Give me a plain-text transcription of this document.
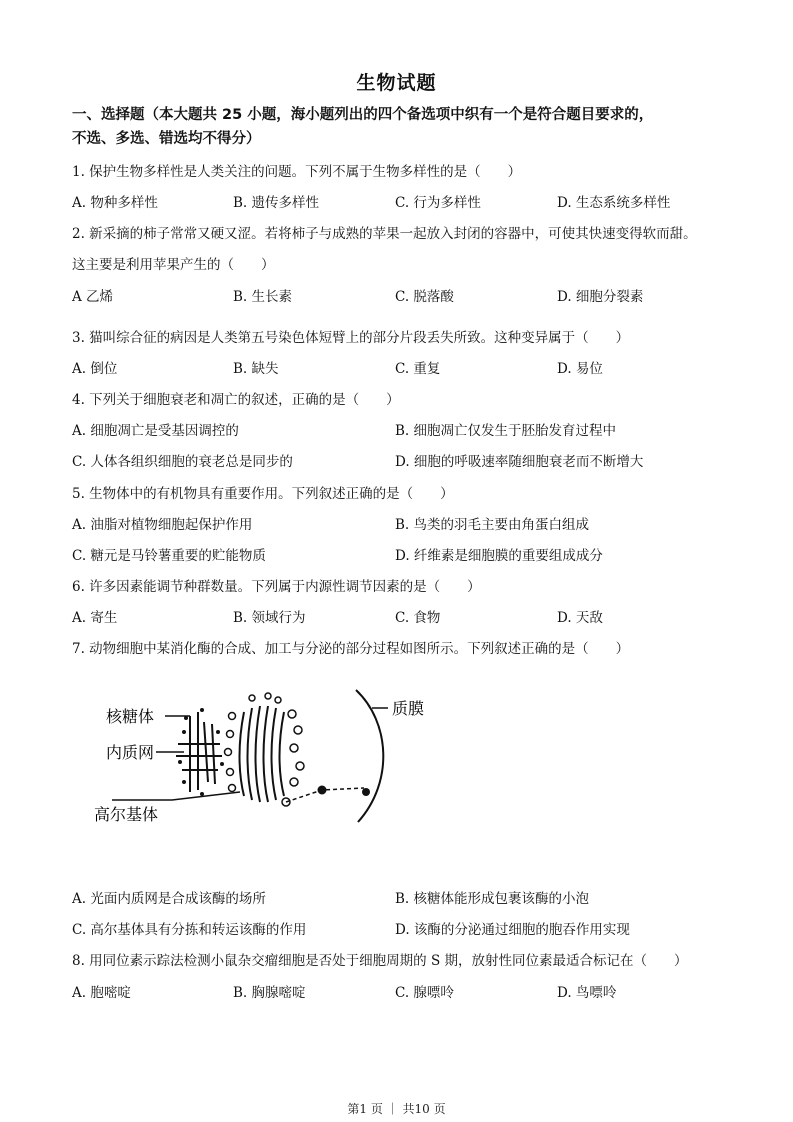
生物试题
一、选择题（本大题共 25 小题，海小题列出的四个备选项中织有一个是符合题目要求的，
不选、多选、错选均不得分）
1. 保护生物多样性是人类关注的问题。下列不属于生物多样性的是（　　）
A. 物种多样性	B. 遗传多样性	C. 行为多样性	D. 生态系统多样性
2. 新采摘的柿子常常又硬又涩。若将柿子与成熟的苹果一起放入封闭的容器中，可使其快速变得软而甜。
这主要是利用苹果产生的（　　）
A 乙烯	B. 生长素	C. 脱落酸	D. 细胞分裂素
3. 猫叫综合征的病因是人类第五号染色体短臂上的部分片段丢失所致。这种变异属于（　　）
A. 倒位	B. 缺失	C. 重复	D. 易位
4. 下列关于细胞衰老和凋亡的叙述，正确的是（　　）
A. 细胞凋亡是受基因调控的	B. 细胞凋亡仅发生于胚胎发育过程中
C. 人体各组织细胞的衰老总是同步的	D. 细胞的呼吸速率随细胞衰老而不断增大
5. 生物体中的有机物具有重要作用。下列叙述正确的是（　　）
A. 油脂对植物细胞起保护作用	B. 鸟类的羽毛主要由角蛋白组成
C. 糖元是马铃薯重要的贮能物质	D. 纤维素是细胞膜的重要组成成分
6. 许多因素能调节种群数量。下列属于内源性调节因素的是（　　）
A. 寄生	B. 领域行为	C. 食物	D. 天敌
7. 动物细胞中某消化酶的合成、加工与分泌的部分过程如图所示。下列叙述正确的是（　　）
核糖体
内质网
高尔基体
质膜
A. 光面内质网是合成该酶的场所	B. 核糖体能形成包裹该酶的小泡
C. 高尔基体具有分拣和转运该酶的作用	D. 该酶的分泌通过细胞的胞吞作用实现
8. 用同位素示踪法检测小鼠杂交瘤细胞是否处于细胞周期的 S 期，放射性同位素最适合标记在（　　）
A. 胞嘧啶	B. 胸腺嘧啶	C. 腺嘌呤	D. 鸟嘌呤
第1 页 ｜ 共10 页
